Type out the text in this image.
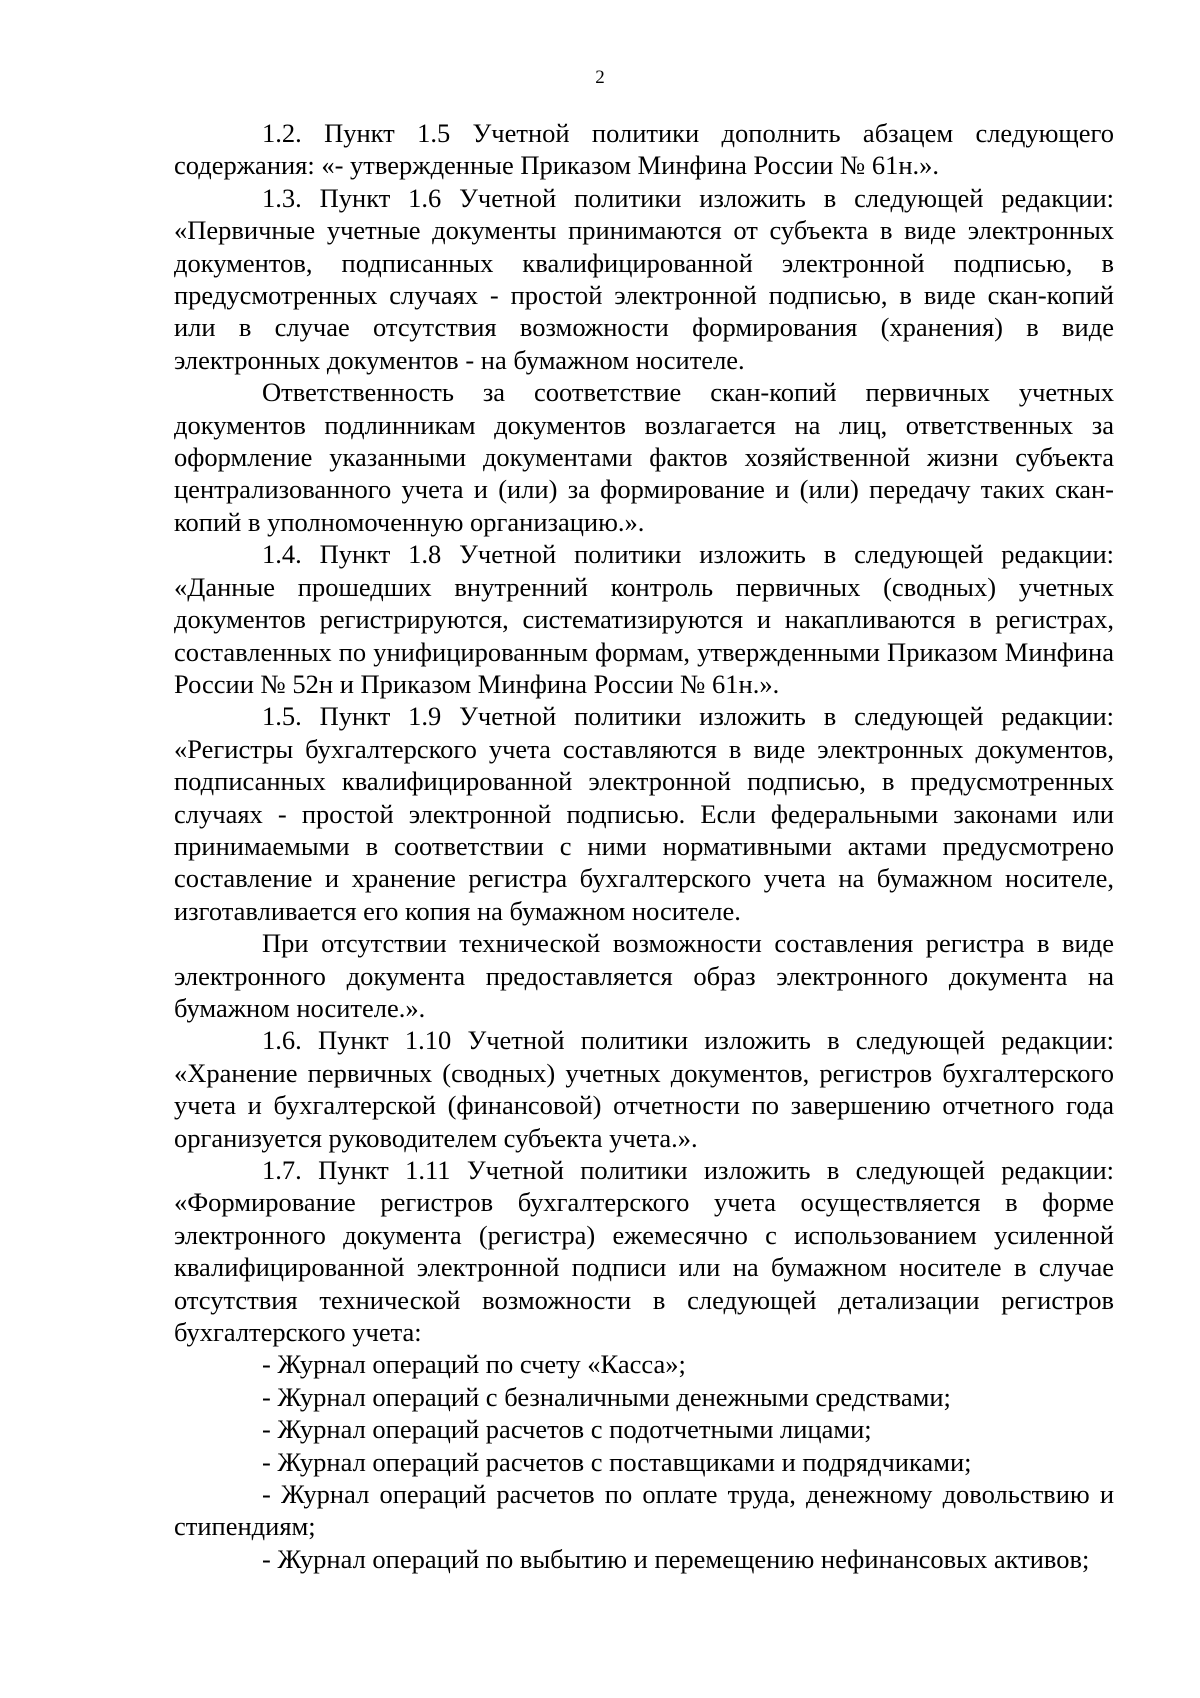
2

1.2. Пункт 1.5 Учетной политики дополнить абзацем следующего содержания: «- утвержденные Приказом Минфина России № 61н.».

1.3. Пункт 1.6 Учетной политики изложить в следующей редакции: «Первичные учетные документы принимаются от субъекта в виде электронных документов, подписанных квалифицированной электронной подписью, в предусмотренных случаях - простой электронной подписью, в виде скан-копий или в случае отсутствия возможности формирования (хранения) в виде электронных документов - на бумажном носителе.

Ответственность за соответствие скан-копий первичных учетных документов подлинникам документов возлагается на лиц, ответственных за оформление указанными документами фактов хозяйственной жизни субъекта централизованного учета и (или) за формирование и (или) передачу таких скан-копий в уполномоченную организацию.».

1.4. Пункт 1.8 Учетной политики изложить в следующей редакции: «Данные прошедших внутренний контроль первичных (сводных) учетных документов регистрируются, систематизируются и накапливаются в регистрах, составленных по унифицированным формам, утвержденными Приказом Минфина России № 52н и Приказом Минфина России № 61н.».

1.5. Пункт 1.9 Учетной политики изложить в следующей редакции: «Регистры бухгалтерского учета составляются в виде электронных документов, подписанных квалифицированной электронной подписью, в предусмотренных случаях - простой электронной подписью. Если федеральными законами или принимаемыми в соответствии с ними нормативными актами предусмотрено составление и хранение регистра бухгалтерского учета на бумажном носителе, изготавливается его копия на бумажном носителе.

При отсутствии технической возможности составления регистра в виде электронного документа предоставляется образ электронного документа на бумажном носителе.».

1.6. Пункт 1.10 Учетной политики изложить в следующей редакции: «Хранение первичных (сводных) учетных документов, регистров бухгалтерского учета и бухгалтерской (финансовой) отчетности по завершению отчетного года организуется руководителем субъекта учета.».

1.7. Пункт 1.11 Учетной политики изложить в следующей редакции: «Формирование регистров бухгалтерского учета осуществляется в форме электронного документа (регистра) ежемесячно с использованием усиленной квалифицированной электронной подписи или на бумажном носителе в случае отсутствия технической возможности в следующей детализации регистров бухгалтерского учета:

- Журнал операций по счету «Касса»;

- Журнал операций с безналичными денежными средствами;

- Журнал операций расчетов с подотчетными лицами;

- Журнал операций расчетов с поставщиками и подрядчиками;

- Журнал операций расчетов по оплате труда, денежному довольствию и стипендиям;

- Журнал операций по выбытию и перемещению нефинансовых активов;
